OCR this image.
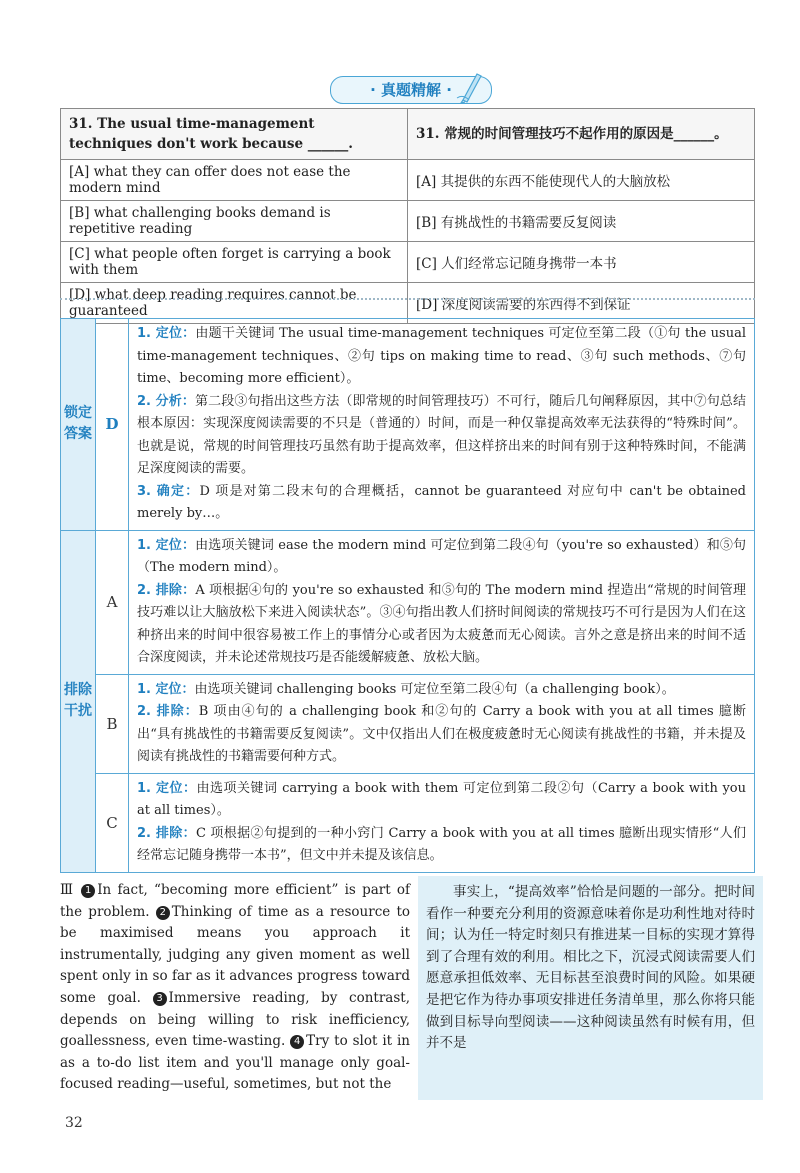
· 真题精解 ·
31. The usual time-management techniques don't work because ______.	31. 常规的时间管理技巧不起作用的原因是______。
[A] what they can offer does not ease the modern mind	[A] 其提供的东西不能使现代人的大脑放松
[B] what challenging books demand is repetitive reading	[B] 有挑战性的书籍需要反复阅读
[C] what people often forget is carrying a book with them	[C] 人们经常忘记随身携带一本书
[D] what deep reading requires cannot be guaranteed	[D] 深度阅读需要的东西得不到保证
锁定答案	D	1. 定位：由题干关键词 The usual time-management techniques 可定位至第二段（①句 the usual time-management techniques、②句 tips on making time to read、③句 such methods、⑦句 time、becoming more efficient）。

2. 分析：第二段③句指出这些方法（即常规的时间管理技巧）不可行，随后几句阐释原因，其中⑦句总结根本原因：实现深度阅读需要的不只是（普通的）时间，而是一种仅靠提高效率无法获得的“特殊时间”。也就是说，常规的时间管理技巧虽然有助于提高效率，但这样挤出来的时间有别于这种特殊时间，不能满足深度阅读的需要。

3. 确定：D 项是对第二段末句的合理概括，cannot be guaranteed 对应句中 can't be obtained merely by…。

排除干扰	A	1. 定位：由选项关键词 ease the modern mind 可定位到第二段④句（you're so exhausted）和⑤句（The modern mind）。

2. 排除：A 项根据④句的 you're so exhausted 和⑤句的 The modern mind 捏造出“常规的时间管理技巧难以让大脑放松下来进入阅读状态”。③④句指出教人们挤时间阅读的常规技巧不可行是因为人们在这种挤出来的时间中很容易被工作上的事情分心或者因为太疲惫而无心阅读。言外之意是挤出来的时间不适合深度阅读，并未论述常规技巧是否能缓解疲惫、放松大脑。

	B	1. 定位：由选项关键词 challenging books 可定位至第二段④句（a challenging book）。

2. 排除：B 项由④句的 a challenging book 和②句的 Carry a book with you at all times 臆断出“具有挑战性的书籍需要反复阅读”。文中仅指出人们在极度疲惫时无心阅读有挑战性的书籍，并未提及阅读有挑战性的书籍需要何种方式。

	C	1. 定位：由选项关键词 carrying a book with them 可定位到第二段②句（Carry a book with you at all times）。

2. 排除：C 项根据②句提到的一种小窍门 Carry a book with you at all times 臆断出现实情形“人们经常忘记随身携带一本书”，但文中并未提及该信息。

Ⅲ 1 In fact, “becoming more efficient” is part of the problem. 2 Thinking of time as a resource to be maximised means you approach it instrumentally, judging any given moment as well spent only in so far as it advances progress toward some goal. 3 Immersive reading, by contrast, depends on being willing to risk inefficiency, goallessness, even time-wasting. 4 Try to slot it in as a to-do list item and you'll manage only goal-focused reading—useful, sometimes, but not the
事实上，“提高效率”恰恰是问题的一部分。把时间看作一种要充分利用的资源意味着你是功利性地对待时间；认为任一特定时刻只有推进某一目标的实现才算得到了合理有效的利用。相比之下，沉浸式阅读需要人们愿意承担低效率、无目标甚至浪费时间的风险。如果硬是把它作为待办事项安排进任务清单里，那么你将只能做到目标导向型阅读——这种阅读虽然有时候有用，但并不是
32
